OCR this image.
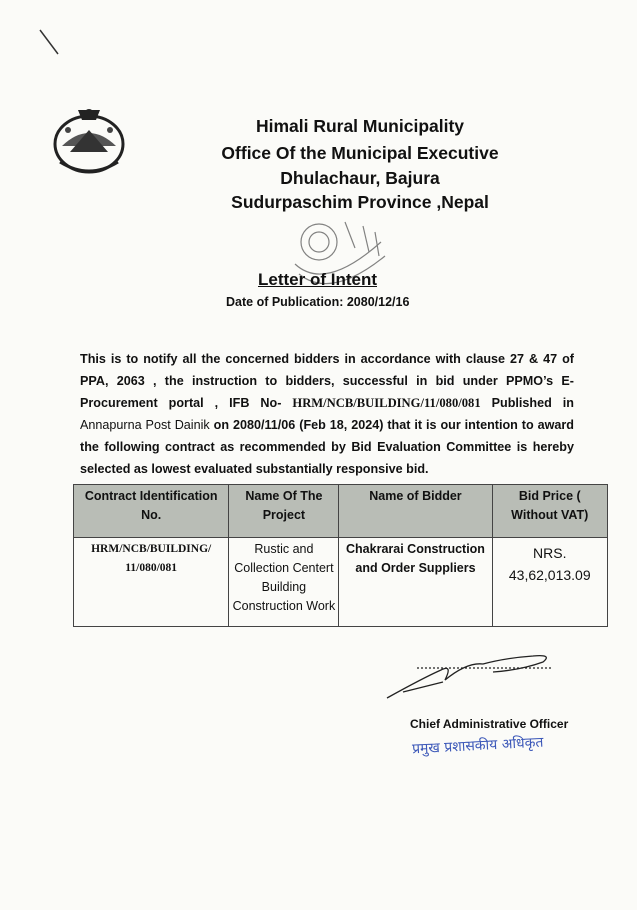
Himali Rural Municipality
Office Of the Municipal Executive
Dhulachaur, Bajura
Sudurpaschim Province ,Nepal
Letter of Intent
Date of Publication: 2080/12/16
This is to notify all the concerned bidders in accordance with clause 27 & 47 of PPA, 2063 , the instruction to bidders, successful in bid under PPMO’s E-Procurement portal , IFB No- HRM/NCB/BUILDING/11/080/081 Published in Annapurna Post Dainik on 2080/11/06 (Feb 18, 2024) that it is our intention to award the following contract as recommended by Bid Evaluation Committee is hereby selected as lowest evaluated substantially responsive bid.
Contract Identification No.	Name Of The Project	Name of Bidder	Bid Price ( Without VAT)
HRM/NCB/BUILDING/ 11/080/081	Rustic and Collection Centert Building Construction Work	Chakrarai Construction and Order Suppliers	NRS. 43,62,013.09
Chief Administrative Officer
प्रमुख प्रशासकीय अधिकृत
